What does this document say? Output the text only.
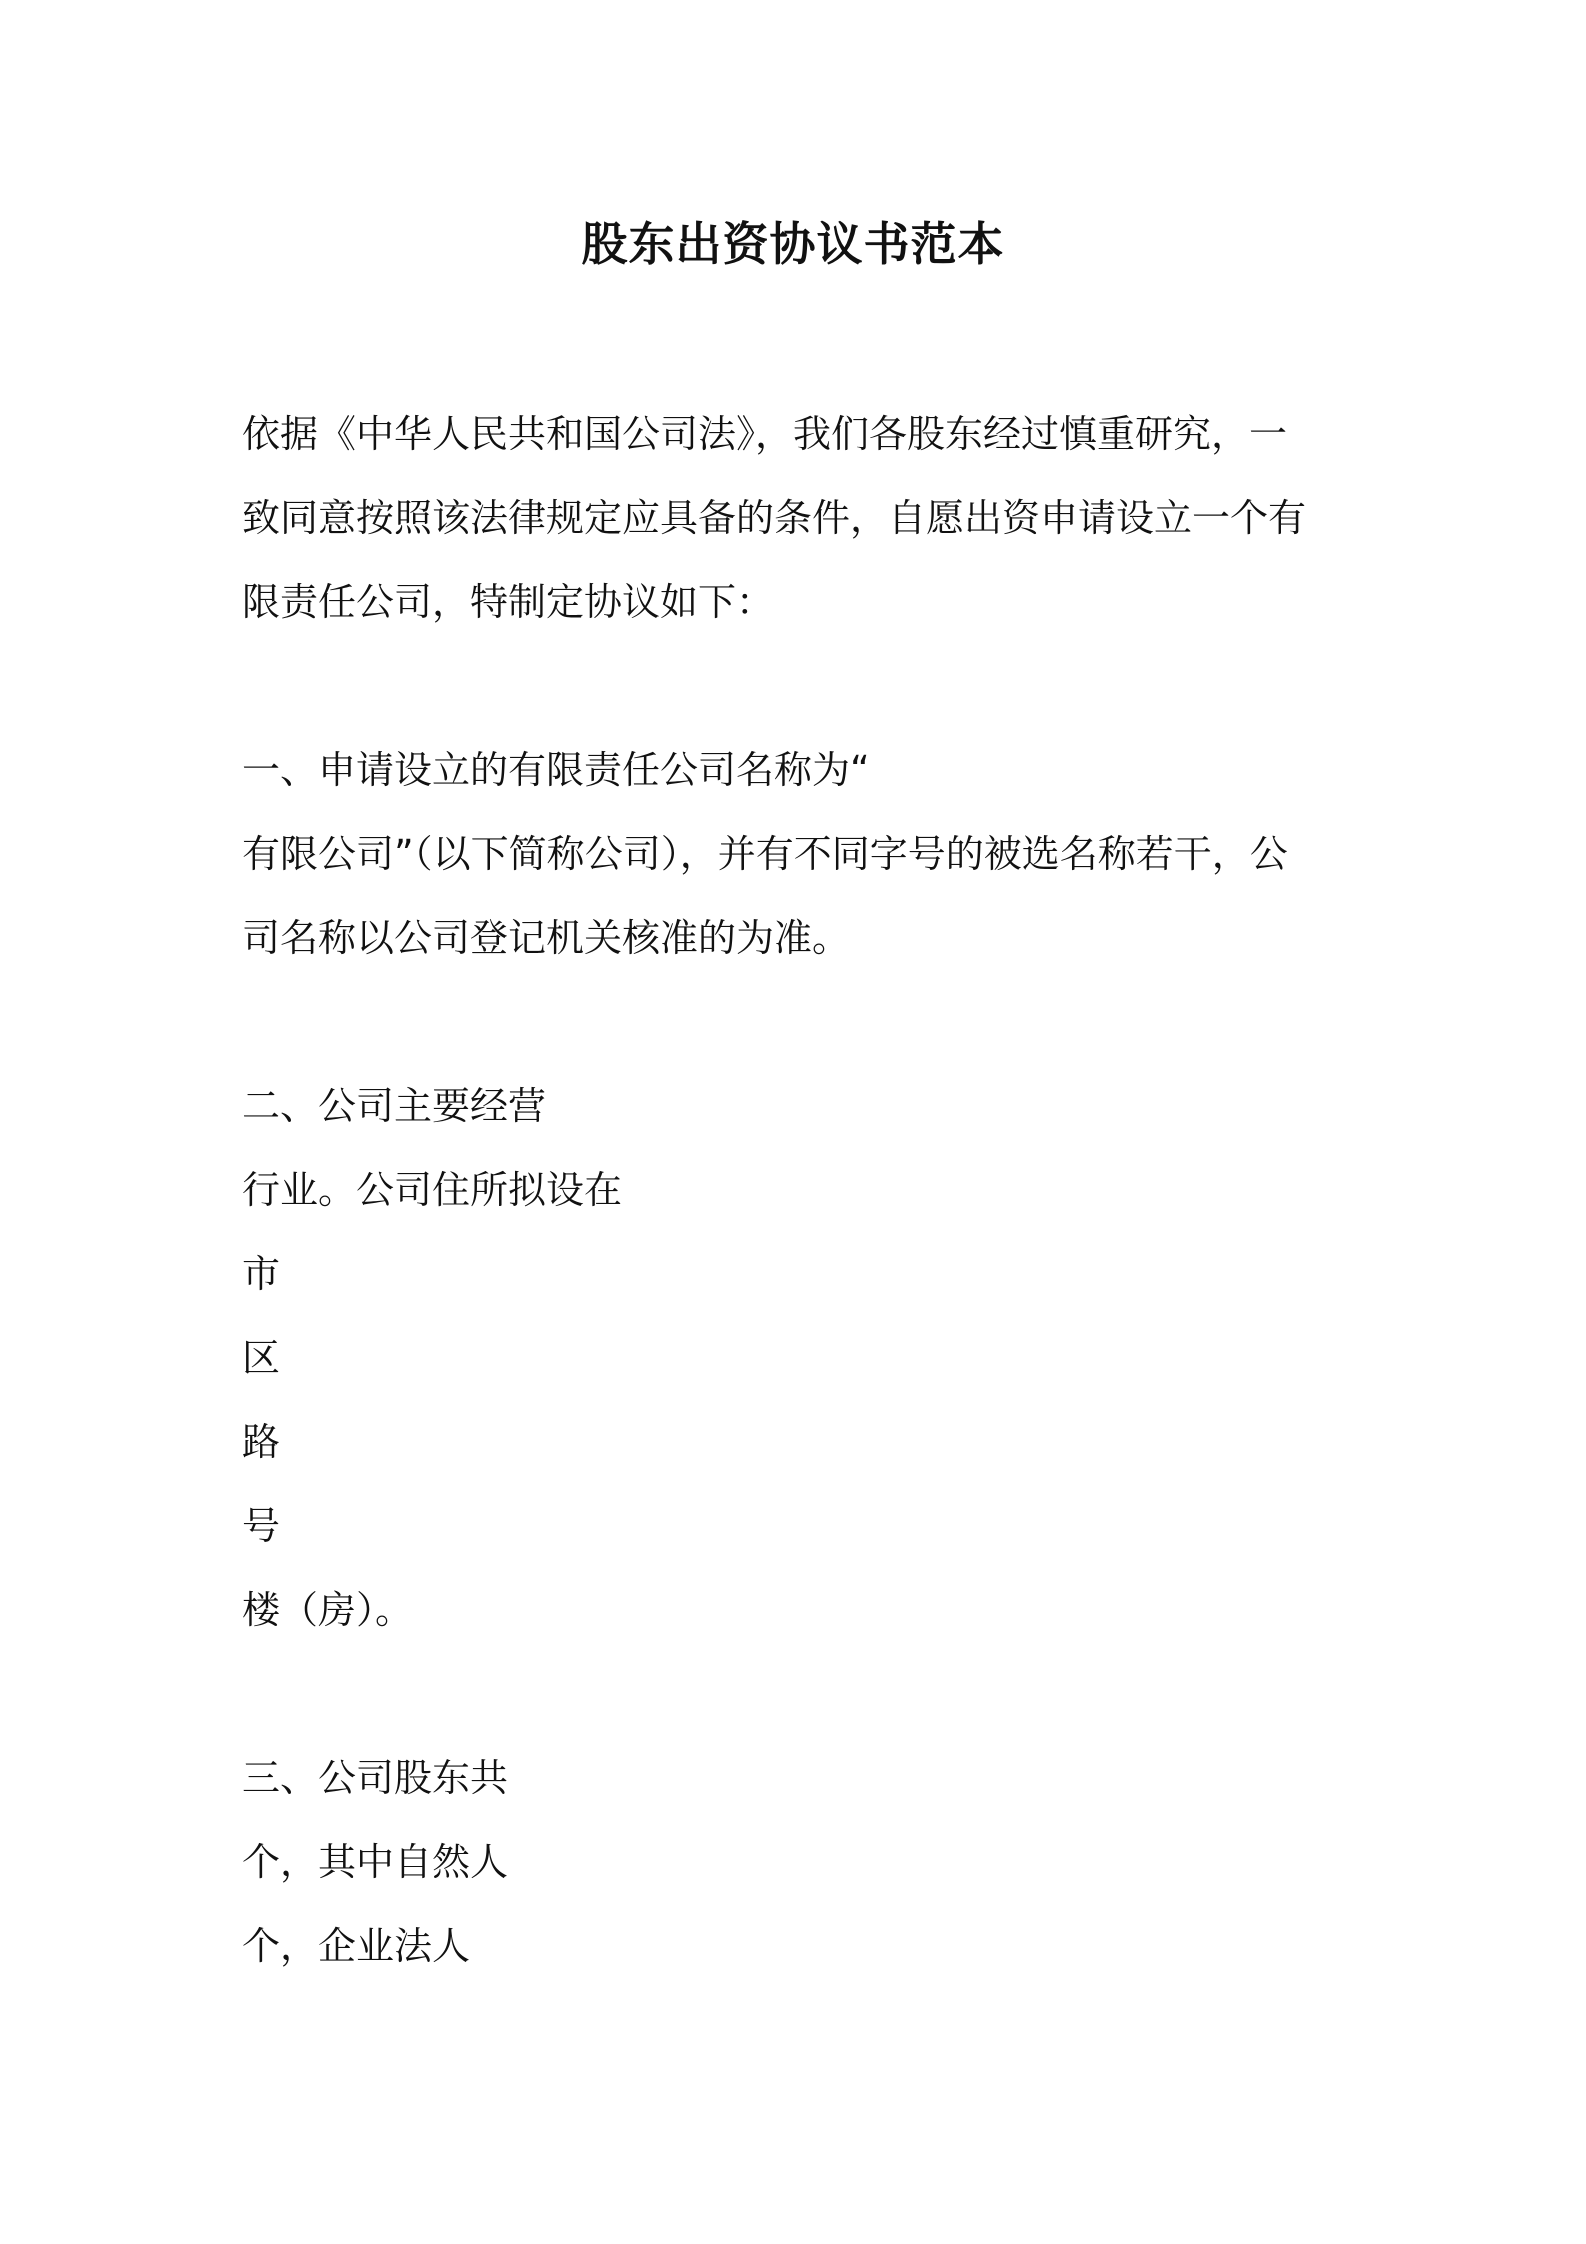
股东出资协议书范本
依据《中华人民共和国公司法》，我们各股东经过慎重研究，一
致同意按照该法律规定应具备的条件，自愿出资申请设立一个有
限责任公司，特制定协议如下：
一、申请设立的有限责任公司名称为“
有限公司”（以下简称公司），并有不同字号的被选名称若干，公
司名称以公司登记机关核准的为准。
二、公司主要经营
行业。公司住所拟设在
市
区
路
号
楼（房）。
三、公司股东共
个，其中自然人
个，企业法人
